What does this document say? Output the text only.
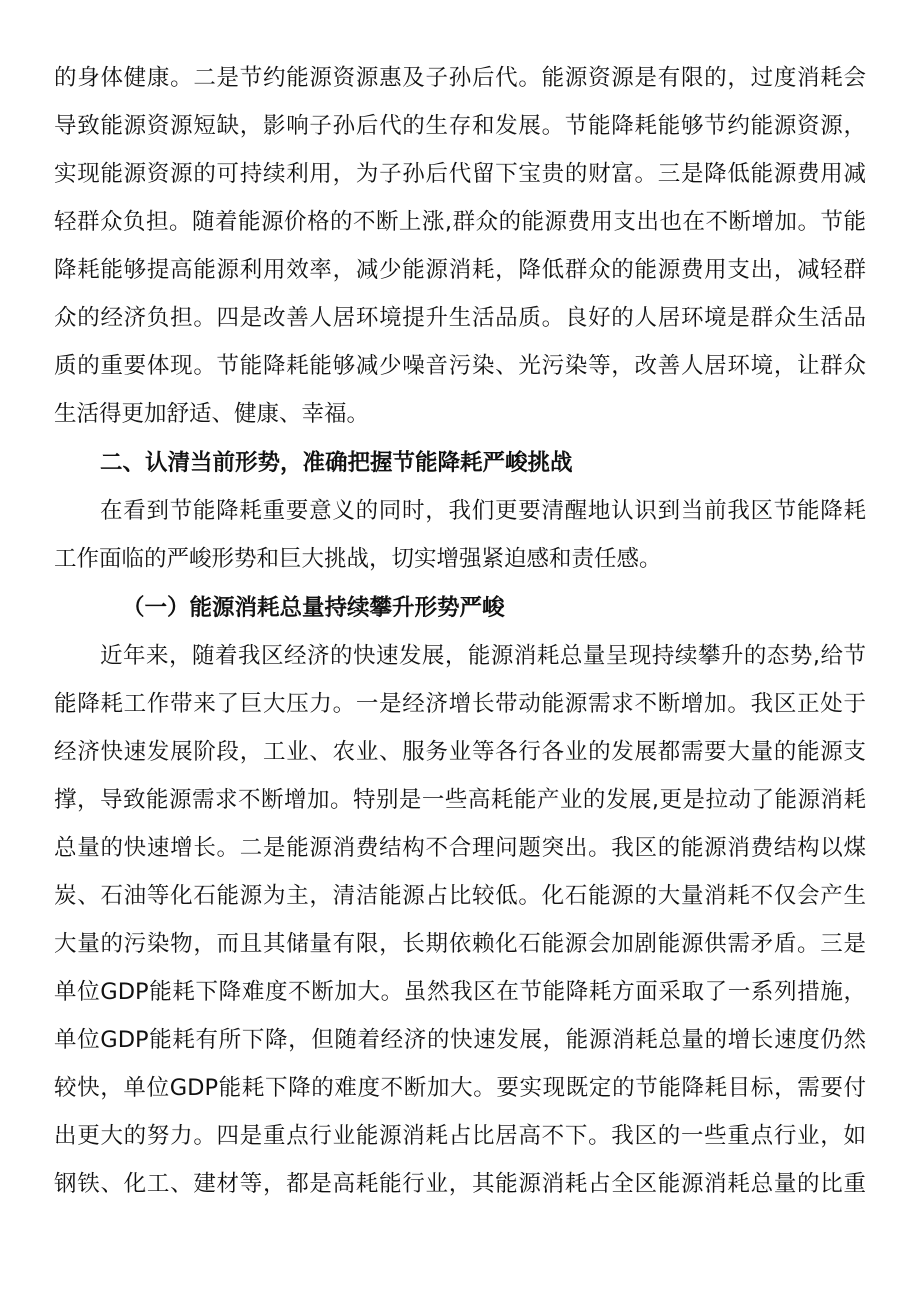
的身体健康。二是节约能源资源惠及子孙后代。能源资源是有限的，过度消耗会
导致能源资源短缺，影响子孙后代的生存和发展。节能降耗能够节约能源资源，
实现能源资源的可持续利用，为子孙后代留下宝贵的财富。三是降低能源费用减
轻群众负担。随着能源价格的不断上涨,群众的能源费用支出也在不断增加。节能
降耗能够提高能源利用效率，减少能源消耗，降低群众的能源费用支出，减轻群
众的经济负担。四是改善人居环境提升生活品质。良好的人居环境是群众生活品
质的重要体现。节能降耗能够减少噪音污染、光污染等，改善人居环境，让群众
生活得更加舒适、健康、幸福。
二、认清当前形势，准确把握节能降耗严峻挑战
在看到节能降耗重要意义的同时，我们更要清醒地认识到当前我区节能降耗
工作面临的严峻形势和巨大挑战，切实增强紧迫感和责任感。
（一）能源消耗总量持续攀升形势严峻
近年来，随着我区经济的快速发展，能源消耗总量呈现持续攀升的态势,给节
能降耗工作带来了巨大压力。一是经济增长带动能源需求不断增加。我区正处于
经济快速发展阶段，工业、农业、服务业等各行各业的发展都需要大量的能源支
撑，导致能源需求不断增加。特别是一些高耗能产业的发展,更是拉动了能源消耗
总量的快速增长。二是能源消费结构不合理问题突出。我区的能源消费结构以煤
炭、石油等化石能源为主，清洁能源占比较低。化石能源的大量消耗不仅会产生
大量的污染物，而且其储量有限，长期依赖化石能源会加剧能源供需矛盾。三是
单位GDP能耗下降难度不断加大。虽然我区在节能降耗方面采取了一系列措施，
单位GDP能耗有所下降，但随着经济的快速发展，能源消耗总量的增长速度仍然
较快，单位GDP能耗下降的难度不断加大。要实现既定的节能降耗目标，需要付
出更大的努力。四是重点行业能源消耗占比居高不下。我区的一些重点行业，如
钢铁、化工、建材等，都是高耗能行业，其能源消耗占全区能源消耗总量的比重
